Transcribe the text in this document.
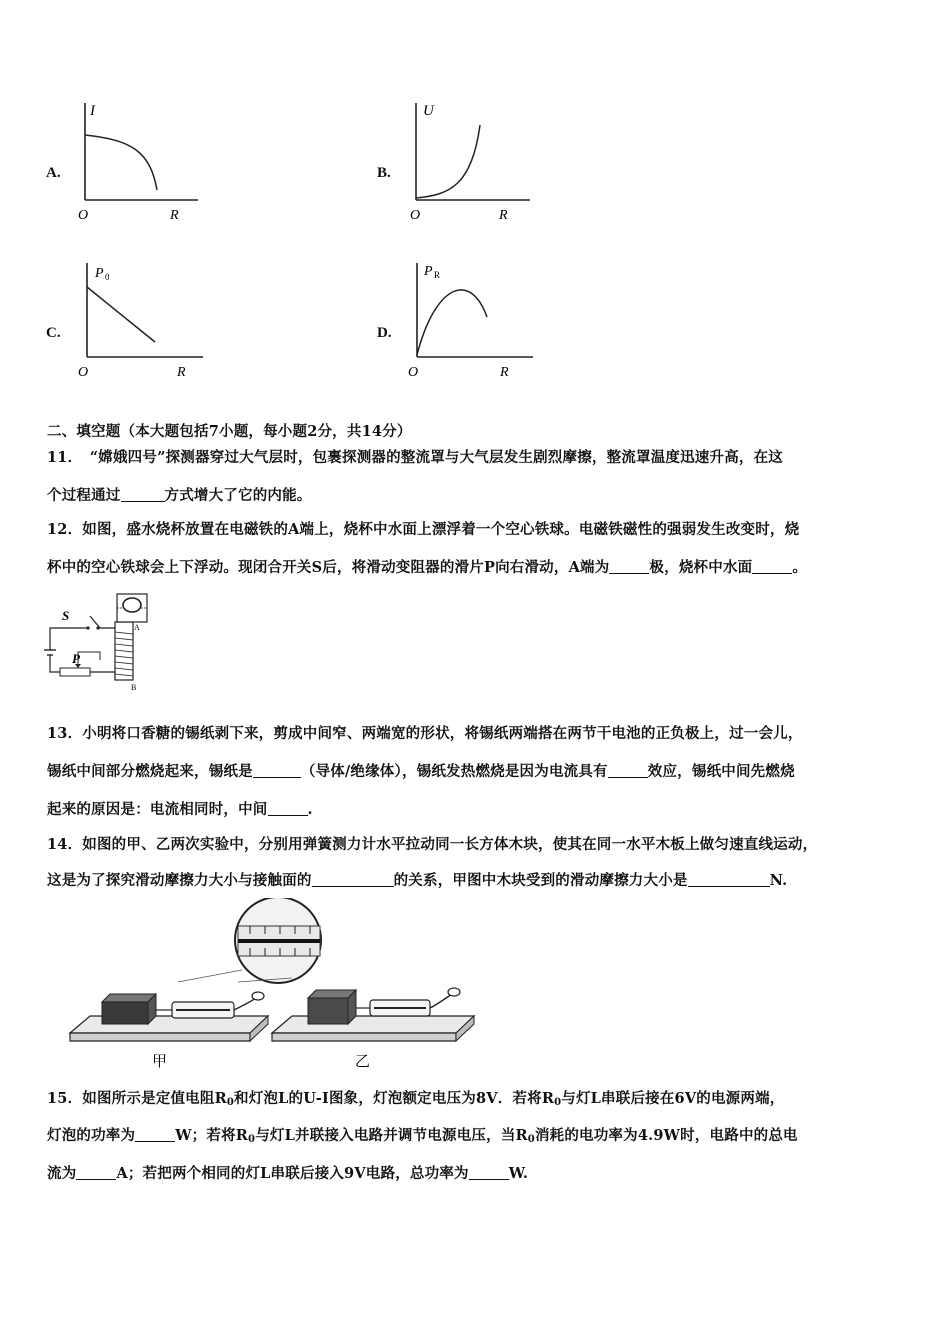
A.
I
O	R
B.
U
O	R
C.
P 0
O	R
D.
P R
O	R
二、填空题（本大题包括7小题，每小题2分，共14分）
11．　“嫦娥四号”探测器穿过大气层时，包裹探测器的整流罩与大气层发生剧烈摩擦，整流罩温度迅速升高，在这
个过程通过	方式增大了它的内能。
12．如图，盛水烧杯放置在电磁铁的A端上，烧杯中水面上漂浮着一个空心铁球。电磁铁磁性的强弱发生改变时，烧
杯中的空心铁球会上下浮动。现闭合开关S后，将滑动变阻器的滑片P向右滑动，A端为	极，烧杯中水面	。
S
P
A
B
13．小明将口香糖的锡纸剥下来，剪成中间窄、两端宽的形状，将锡纸两端搭在两节干电池的正负极上，过一会儿，
锡纸中间部分燃烧起来，锡纸是	（导体/绝缘体），锡纸发热燃烧是因为电流具有	效应，锡纸中间先燃烧
起来的原因是：电流相同时，中间	.
14．如图的甲、乙两次实验中，分别用弹簧测力计水平拉动同一长方体木块，使其在同一水平木板上做匀速直线运动，
这是为了探究滑动摩擦力大小与接触面的	的关系，甲图中木块受到的滑动摩擦力大小是	N.
甲	乙
15．如图所示是定值电阻$R_0$和灯泡L的U-I图象，灯泡额定电压为8V．若将$R_0$与灯L串联后接在6V的电源两端，
灯泡的功率为	W；若将$R_0$与灯L并联接入电路并调节电源电压，当$R_0$消耗的电功率为4.9W时，电路中的总电
流为	A；若把两个相同的灯L串联后接入9V电路，总功率为	W.
